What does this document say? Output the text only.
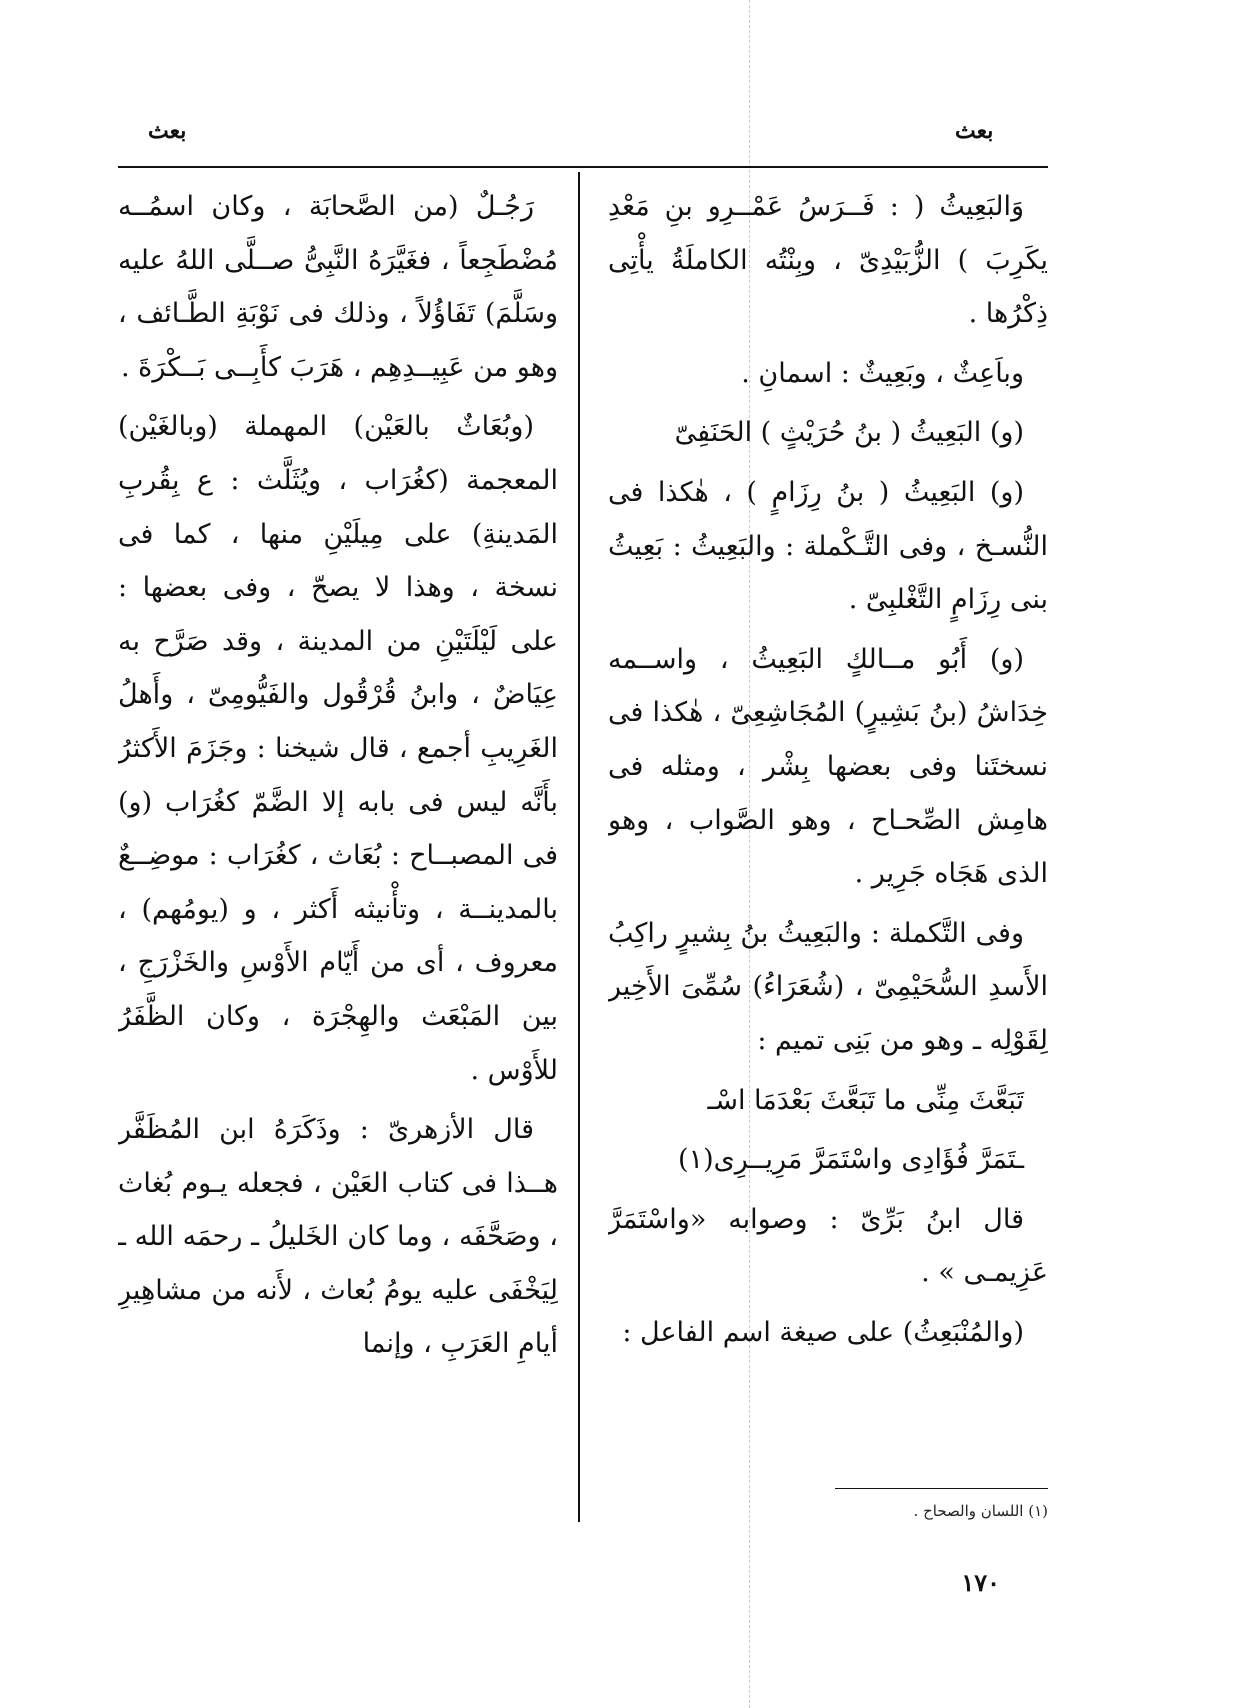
بعث
بعث

وَالبَعِيثُ ( : فَــرَسُ عَمْــرِو بنِ مَعْدِ يكَرِبَ ) الزُّبَيْدِىّ ، وبِنْتُه الكاملَةُ يأْتِى ذِكْرُها .

وباَعِثٌ ، وبَعِيثٌ : اسمانِ .

(و) البَعِيثُ ( بنُ حُرَيْثٍ ) الحَنَفِىّ

(و) البَعِيثُ ( بنُ رِزَامٍ ) ، هٰكذا فى النُّسـخ ، وفى التَّـكْملة : والبَعِيثُ : بَعِيثُ بنى رِزَامٍ التَّغْلبِىّ .

(و) أَبُو مــالكٍ البَعِيثُ ، واســمه خِدَاشُ (بنُ بَشِيرٍ) المُجَاشِعِىّ ، هٰكذا فى نسختَنا وفى بعضها بِشْر ، ومثله فى هامِش الصِّحـاح ، وهو الصَّواب ، وهو الذى هَجَاه جَرِير .

وفى التَّكملة : والبَعِيثُ بنُ بِشيرٍ راكِبُ الأَسدِ السُّحَيْمِىّ ، (شُعَرَاءُ) سُمِّىَ الأَخِير لِقَوْلِه ـ وهو من بَنِى تميم :

تَبَعَّثَ مِنِّى ما تَبَعَّثَ بَعْدَمَا اسْـ

ـتَمَرَّ فُؤَادِى واسْتَمَرَّ مَرِيــرِى(١)

قال ابنُ بَرِّىّ : وصوابه «واسْتَمَرَّ عَزِيمـى » .

(والمُنْبَعِثُ) على صيغة اسم الفاعل :

رَجُـلٌ (من الصَّحابَة ، وكان اسمُــه مُضْطَجِعاً ، فغَيَّرَهُ النَّبِىُّ صــلَّى اللهُ عليه وسَلَّمَ) تَفَاؤُلاً ، وذلك فى نَوْبَةِ الطَّـائف ، وهو من عَبِيــدِهِم ، هَرَبَ كأَبِــى بَــكْرَةَ .

(وبُعَاثٌ بالعَيْن) المهملة (وبالغَيْن) المعجمة (كغُرَاب ، ويُثَلَّث : ع بِقُربِ المَدينةِ) على مِيلَيْنِ منها ، كما فى نسخة ، وهذا لا يصحّ ، وفى بعضها : على لَيْلَتَيْنِ من المدينة ، وقد صَرَّح به عِيَاضٌ ، وابنُ قُرْقُول والفَيُّومِىّ ، وأَهلُ الغَرِيبِ أجمع ، قال شيخنا : وجَزَمَ الأَكثرُ بأَنَّه ليس فى بابه إلا الضَّمّ كغُرَاب (و) فى المصبــاح : بُعَاث ، كغُرَاب : موضِــعٌ بالمدينــة ، وتأْنيثه أَكثر ، و (يومُهم) ، معروف ، أى من أَيّام الأَوْسِ والخَزْرَجِ ، بين المَبْعَث والهِجْرَة ، وكان الظَّفَرُ للأَوْس .

قال الأزهرىّ : وذَكَرَهُ ابن المُظَفَّر هــذا فى كتاب العَيْن ، فجعله يـوم بُغاث ، وصَحَّفَه ، وما كان الخَليلُ ـ رحمَه الله ـ لِيَخْفَى عليه يومُ بُعاث ، لأَنه من مشاهِيرِ أيامِ العَرَبِ ، وإنما

(١) اللسان والصحاح .
١٧٠
